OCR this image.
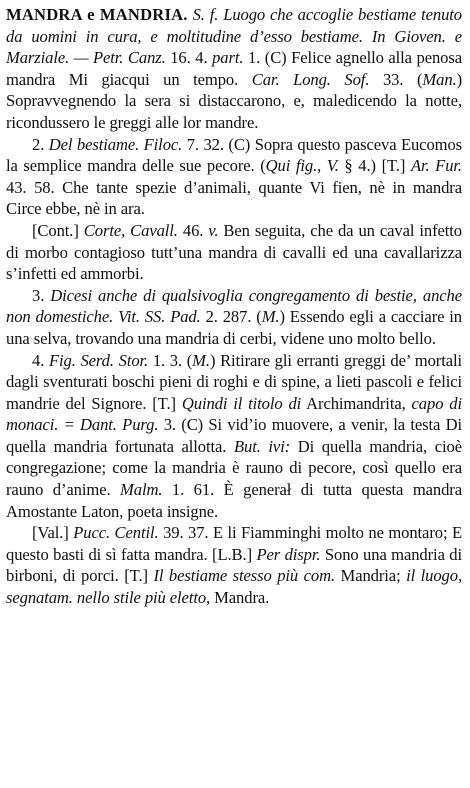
MANDRA e MANDRIA. S. f. Luogo che accoglie bestiame tenuto da uomini in cura, e moltitudine d’esso bestiame. In Gioven. e Marziale. — Petr. Canz. 16. 4. part. 1. (C) Felice agnello alla penosa mandra Mi giacqui un tempo. Car. Long. Sof. 33. (Man.) Sopravvegnendo la sera si distaccarono, e, maledicendo la notte, ricondussero le greggi alle lor mandre.

2. Del bestiame. Filoc. 7. 32. (C) Sopra questo pasceva Eucomos la semplice mandra delle sue pecore. (Qui fig., V. § 4.) [T.] Ar. Fur. 43. 58. Che tante spezie d’animali, quante Vi fien, nè in mandra Circe ebbe, nè in ara.

[Cont.] Corte, Cavall. 46. v. Ben seguita, che da un caval infetto di morbo contagioso tutt’una mandra di cavalli ed una cavallarizza s’infetti ed ammorbi.

3. Dicesi anche di qualsivoglia congregamento di bestie, anche non domestiche. Vit. SS. Pad. 2. 287. (M.) Essendo egli a cacciare in una selva, trovando una mandria di cerbi, videne uno molto bello.

4. Fig. Serd. Stor. 1. 3. (M.) Ritirare gli erranti greggi de’ mortali dagli sventurati boschi pieni di roghi e di spine, a lieti pascoli e felici mandrie del Signore. [T.] Quindi il titolo di Archimandrita, capo di monaci. = Dant. Purg. 3. (C) Si vid’io muovere, a venir, la testa Di quella mandria fortunata allotta. But. ivi: Di quella mandria, cioè congregazione; come la mandria è rauno di pecore, così quello era rauno d’anime. Malm. 1. 61. È generał di tutta questa mandra Amostante Laton, poeta insigne.

[Val.] Pucc. Centil. 39. 37. E li Fiamminghi molto ne montaro; E questo basti di sì fatta mandra. [L.B.] Per dispr. Sono una mandria di birboni, di porci. [T.] Il bestiame stesso più com. Mandria; il luogo, segnatam. nello stile più eletto, Mandra.
